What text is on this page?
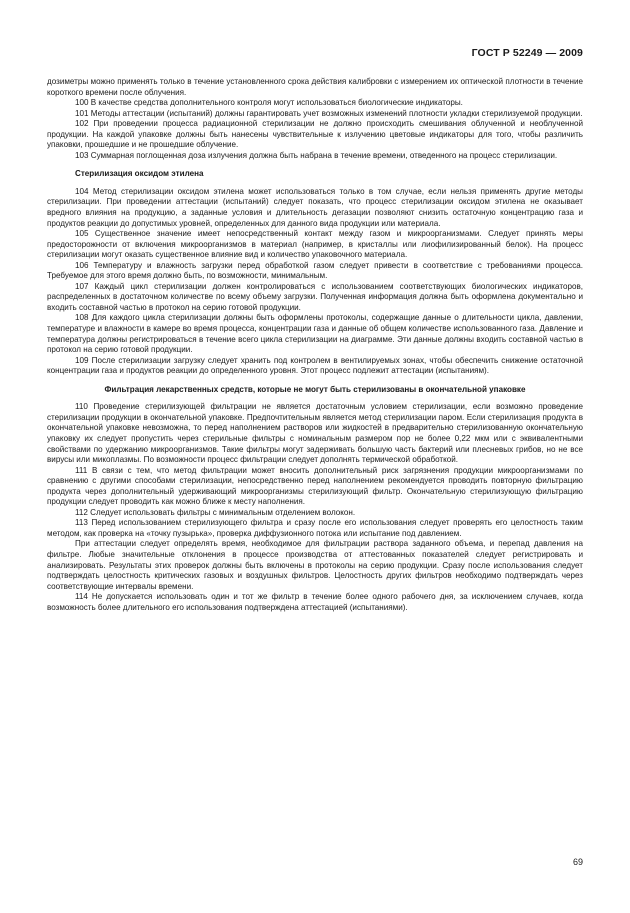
ГОСТ Р 52249 — 2009

дозиметры можно применять только в течение установленного срока действия калибровки с измерением их оптической плотности в течение короткого времени после облучения.

100 В качестве средства дополнительного контроля могут использоваться биологические индикаторы.

101 Методы аттестации (испытаний) должны гарантировать учет возможных изменений плотности укладки стерилизуемой продукции.

102 При проведении процесса радиационной стерилизации не должно происходить смешивания облученной и необлученной продукции. На каждой упаковке должны быть нанесены чувствительные к излучению цветовые индикаторы для того, чтобы различить упаковки, прошедшие и не прошедшие облучение.

103 Суммарная поглощенная доза излучения должна быть набрана в течение времени, отведенного на процесс стерилизации.

Стерилизация оксидом этилена

104 Метод стерилизации оксидом этилена может использоваться только в том случае, если нельзя применять другие методы стерилизации. При проведении аттестации (испытаний) следует показать, что процесс стерилизации оксидом этилена не оказывает вредного влияния на продукцию, а заданные условия и длительность дегазации позволяют снизить остаточную концентрацию газа и продуктов реакции до допустимых уровней, определенных для данного вида продукции или материала.

105 Существенное значение имеет непосредственный контакт между газом и микроорганизмами. Следует принять меры предосторожности от включения микроорганизмов в материал (например, в кристаллы или лиофилизированный белок). На процесс стерилизации могут оказать существенное влияние вид и количество упаковочного материала.

106 Температуру и влажность загрузки перед обработкой газом следует привести в соответствие с требованиями процесса. Требуемое для этого время должно быть, по возможности, минимальным.

107 Каждый цикл стерилизации должен контролироваться с использованием соответствующих биологических индикаторов, распределенных в достаточном количестве по всему объему загрузки. Полученная информация должна быть оформлена документально и входить составной частью в протокол на серию готовой продукции.

108 Для каждого цикла стерилизации должны быть оформлены протоколы, содержащие данные о длительности цикла, давлении, температуре и влажности в камере во время процесса, концентрации газа и данные об общем количестве использованного газа. Давление и температура должны регистрироваться в течение всего цикла стерилизации на диаграмме. Эти данные должны входить составной частью в протокол на серию готовой продукции.

109 После стерилизации загрузку следует хранить под контролем в вентилируемых зонах, чтобы обеспечить снижение остаточной концентрации газа и продуктов реакции до определенного уровня. Этот процесс подлежит аттестации (испытаниям).

Фильтрация лекарственных средств, которые не могут быть стерилизованы в окончательной упаковке

110 Проведение стерилизующей фильтрации не является достаточным условием стерилизации, если возможно проведение стерилизации продукции в окончательной упаковке. Предпочтительным является метод стерилизации паром. Если стерилизация продукта в окончательной упаковке невозможна, то перед наполнением растворов или жидкостей в предварительно стерилизованную окончательную упаковку их следует пропустить через стерильные фильтры с номинальным размером пор не более 0,22 мкм или с эквивалентными свойствами по удержанию микроорганизмов. Такие фильтры могут задерживать большую часть бактерий или плесневых грибов, но не все вирусы или микоплазмы. По возможности процесс фильтрации следует дополнять термической обработкой.

111 В связи с тем, что метод фильтрации может вносить дополнительный риск загрязнения продукции микроорганизмами по сравнению с другими способами стерилизации, непосредственно перед наполнением рекомендуется проводить повторную фильтрацию продукта через дополнительный удерживающий микроорганизмы стерилизующий фильтр. Окончательную стерилизующую фильтрацию продукции следует проводить как можно ближе к месту наполнения.

112 Следует использовать фильтры с минимальным отделением волокон.

113 Перед использованием стерилизующего фильтра и сразу после его использования следует проверять его целостность таким методом, как проверка на «точку пузырька», проверка диффузионного потока или испытание под давлением.

При аттестации следует определять время, необходимое для фильтрации раствора заданного объема, и перепад давления на фильтре. Любые значительные отклонения в процессе производства от аттестованных показателей следует регистрировать и анализировать. Результаты этих проверок должны быть включены в протоколы на серию продукции. Сразу после использования следует подтверждать целостность критических газовых и воздушных фильтров. Целостность других фильтров необходимо подтверждать через соответствующие интервалы времени.

114 Не допускается использовать один и тот же фильтр в течение более одного рабочего дня, за исключением случаев, когда возможность более длительного его использования подтверждена аттестацией (испытаниями).

69
